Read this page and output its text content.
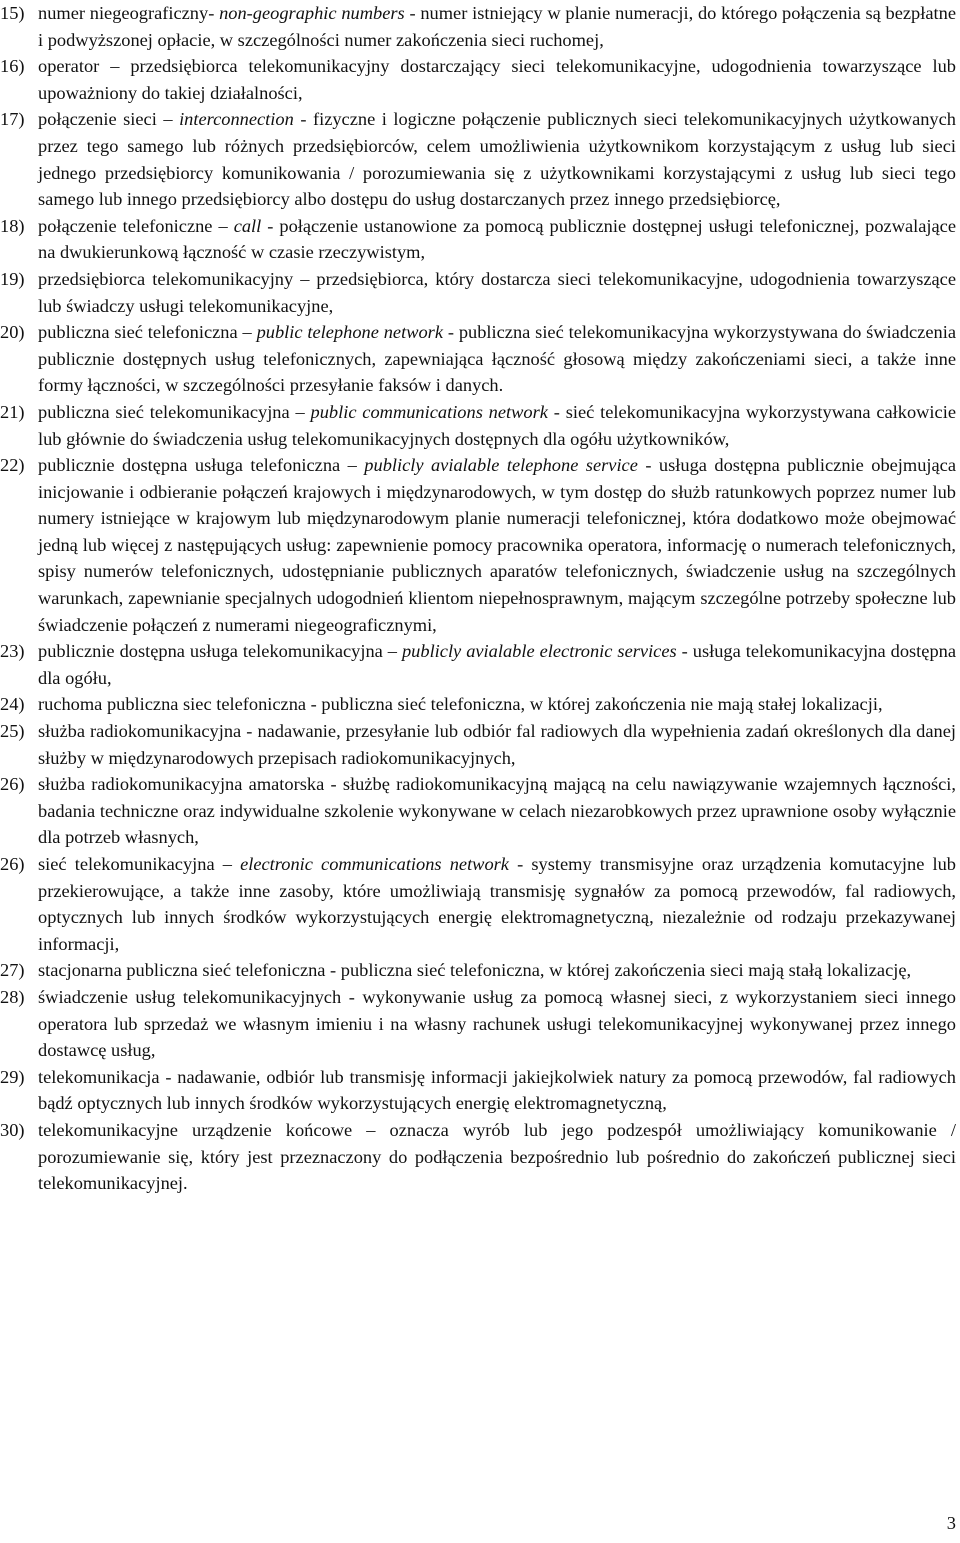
15) numer niegeograficzny- non-geographic numbers - numer istniejący w planie numeracji, do którego połączenia są bezpłatne i podwyższonej opłacie, w szczególności numer zakończenia sieci ruchomej,
16) operator – przedsiębiorca telekomunikacyjny dostarczający sieci telekomunikacyjne, udogodnienia towarzyszące lub upoważniony do takiej działalności,
17) połączenie sieci – interconnection - fizyczne i logiczne połączenie publicznych sieci telekomunikacyjnych użytkowanych przez tego samego lub różnych przedsiębiorców, celem umożliwienia użytkownikom korzystającym z usług lub sieci jednego przedsiębiorcy komunikowania / porozumiewania się z użytkownikami korzystającymi z usług lub sieci tego samego lub innego przedsiębiorcy albo dostępu do usług dostarczanych przez innego przedsiębiorcę,
18) połączenie telefoniczne – call - połączenie ustanowione za pomocą publicznie dostępnej usługi telefonicznej, pozwalające na dwukierunkową łączność w czasie rzeczywistym,
19) przedsiębiorca telekomunikacyjny – przedsiębiorca, który dostarcza sieci telekomunikacyjne, udogodnienia towarzyszące lub świadczy usługi telekomunikacyjne,
20) publiczna sieć telefoniczna – public telephone network - publiczna sieć telekomunikacyjna wykorzystywana do świadczenia publicznie dostępnych usług telefonicznych, zapewniająca łączność głosową między zakończeniami sieci, a także inne formy łączności, w szczególności przesyłanie faksów i danych.
21) publiczna sieć telekomunikacyjna – public communications network - sieć telekomunikacyjna wykorzystywana całkowicie lub głównie do świadczenia usług telekomunikacyjnych dostępnych dla ogółu użytkowników,
22) publicznie dostępna usługa telefoniczna – publicly avialable telephone service - usługa dostępna publicznie obejmująca inicjowanie i odbieranie połączeń krajowych i międzynarodowych, w tym dostęp do służb ratunkowych poprzez numer lub numery istniejące w krajowym lub międzynarodowym planie numeracji telefonicznej, która dodatkowo może obejmować jedną lub więcej z następujących usług: zapewnienie pomocy pracownika operatora, informację o numerach telefonicznych, spisy numerów telefonicznych, udostępnianie publicznych aparatów telefonicznych, świadczenie usług na szczególnych warunkach, zapewnianie specjalnych udogodnień klientom niepełnosprawnym, mającym szczególne potrzeby społeczne lub świadczenie połączeń z numerami niegeograficznymi,
23) publicznie dostępna usługa telekomunikacyjna – publicly avialable electronic services - usługa telekomunikacyjna dostępna dla ogółu,
24) ruchoma publiczna siec telefoniczna - publiczna sieć telefoniczna, w której zakończenia nie mają stałej lokalizacji,
25) służba radiokomunikacyjna - nadawanie, przesyłanie lub odbiór fal radiowych dla wypełnienia zadań określonych dla danej służby w międzynarodowych przepisach radiokomunikacyjnych,
26) służba radiokomunikacyjna amatorska - służbę radiokomunikacyjną mającą na celu nawiązywanie wzajemnych łączności, badania techniczne oraz indywidualne szkolenie wykonywane w celach niezarobkowych przez uprawnione osoby wyłącznie dla potrzeb własnych,
26) sieć telekomunikacyjna – electronic communications network - systemy transmisyjne oraz urządzenia komutacyjne lub przekierowujące, a także inne zasoby, które umożliwiają transmisję sygnałów za pomocą przewodów, fal radiowych, optycznych lub innych środków wykorzystujących energię elektromagnetyczną, niezależnie od rodzaju przekazywanej informacji,
27) stacjonarna publiczna sieć telefoniczna - publiczna sieć telefoniczna, w której zakończenia sieci mają stałą lokalizację,
28) świadczenie usług telekomunikacyjnych - wykonywanie usług za pomocą własnej sieci, z wykorzystaniem sieci innego operatora lub sprzedaż we własnym imieniu i na własny rachunek usługi telekomunikacyjnej wykonywanej przez innego dostawcę usług,
29) telekomunikacja - nadawanie, odbiór lub transmisję informacji jakiejkolwiek natury za pomocą przewodów, fal radiowych bądź optycznych lub innych środków wykorzystujących energię elektromagnetyczną,
30) telekomunikacyjne urządzenie końcowe – oznacza wyrób lub jego podzespół umożliwiający komunikowanie / porozumiewanie się, który jest przeznaczony do podłączenia bezpośrednio lub pośrednio do zakończeń publicznej sieci telekomunikacyjnej.
3
